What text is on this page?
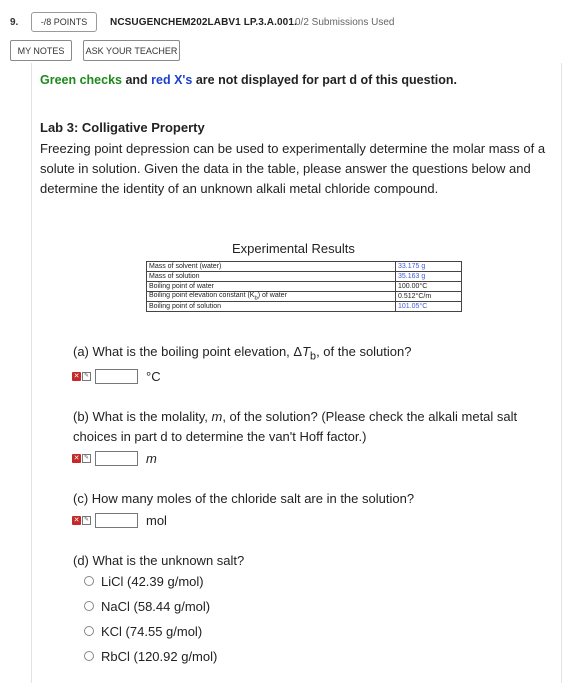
9.	-/8 POINTS	NCSUGENCHEM202LABV1 LP.3.A.001.
0/2 Submissions Used
MY NOTES	ASK YOUR TEACHER
Green checks and red X's are not displayed for part d of this question.
Lab 3: Colligative Property
Freezing point depression can be used to experimentally determine the molar mass of a solute in solution. Given the data in the table, please answer the questions below and determine the identity of an unknown alkali metal chloride compound.
Experimental Results
Mass of solvent (water)	33.175 g
Mass of solution	35.163 g
Boiling point of water	100.00°C
Boiling point elevation constant $(K_b)$ of water	0.512°C/m
Boiling point of solution	101.05°C
(a) What is the boiling point elevation, $\Delta T_b$, of the solution?
✕ ✎	°C
(b) What is the molality, m, of the solution? (Please check the alkali metal salt choices in part d to determine the van't Hoff factor.)
✕ ✎	m
(c) How many moles of the chloride salt are in the solution?
✕ ✎	mol
(d) What is the unknown salt?
LiCl (42.39 g/mol)
NaCl (58.44 g/mol)
KCl (74.55 g/mol)
RbCl (120.92 g/mol)
